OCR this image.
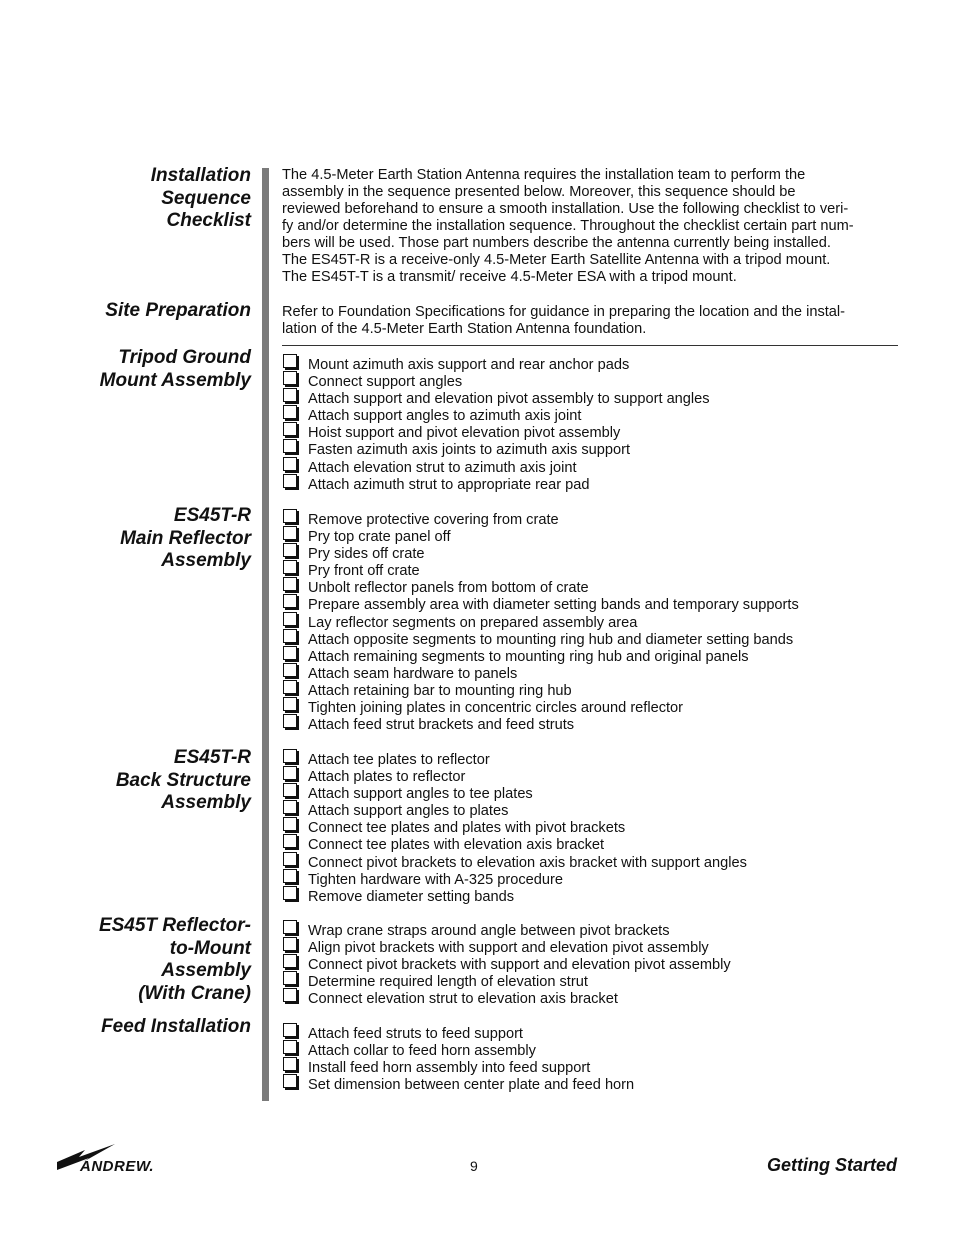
Installation
Sequence
Checklist
Site Preparation
Tripod Ground
Mount Assembly
ES45T-R
Main Reflector
Assembly
ES45T-R
Back Structure
Assembly
ES45T Reflector-
to-Mount
Assembly
(With Crane)
Feed Installation
The 4.5-Meter Earth Station Antenna requires the installation team to perform the
assembly in the sequence presented below. Moreover, this sequence should be
reviewed beforehand to ensure a smooth installation. Use the following checklist to veri-
fy and/or determine the installation sequence. Throughout the checklist certain part num-
bers will be used. Those part numbers describe the antenna currently being installed.
The ES45T-R is a receive-only 4.5-Meter Earth Satellite Antenna with a tripod mount.
The ES45T-T is a transmit/ receive 4.5-Meter ESA with a tripod mount.
Refer to Foundation Specifications for guidance in preparing the location and the instal-
lation of the 4.5-Meter Earth Station Antenna foundation.
Mount azimuth axis support and rear anchor pads
Connect support angles
Attach support and elevation pivot assembly to support angles
Attach support angles to azimuth axis joint
Hoist support and pivot elevation pivot assembly
Fasten azimuth axis joints to azimuth axis support
Attach elevation strut to azimuth axis joint
Attach azimuth strut to appropriate rear pad
Remove protective covering from crate
Pry top crate panel off
Pry sides off crate
Pry front off crate
Unbolt reflector panels from bottom of crate
Prepare assembly area with diameter setting bands and temporary supports
Lay reflector segments on prepared assembly area
Attach opposite segments to mounting ring hub and diameter setting bands
Attach remaining segments to mounting ring hub and original panels
Attach seam hardware to panels
Attach retaining bar to mounting ring hub
Tighten joining plates in concentric circles around reflector
Attach feed strut brackets and feed struts
Attach tee plates to reflector
Attach plates to reflector
Attach support angles to tee plates
Attach support angles to plates
Connect tee plates and plates with pivot brackets
Connect tee plates with elevation axis bracket
Connect pivot brackets to elevation axis bracket with support angles
Tighten hardware with A-325 procedure
Remove diameter setting bands
Wrap crane straps around angle between pivot brackets
Align pivot brackets with support and elevation pivot assembly
Connect pivot brackets with support and elevation pivot assembly
Determine required length of elevation strut
Connect elevation strut to elevation axis bracket
Attach feed struts to feed support
Attach collar to feed horn assembly
Install feed horn assembly into feed support
Set dimension between center plate and feed horn
ANDREW.	9	Getting Started
